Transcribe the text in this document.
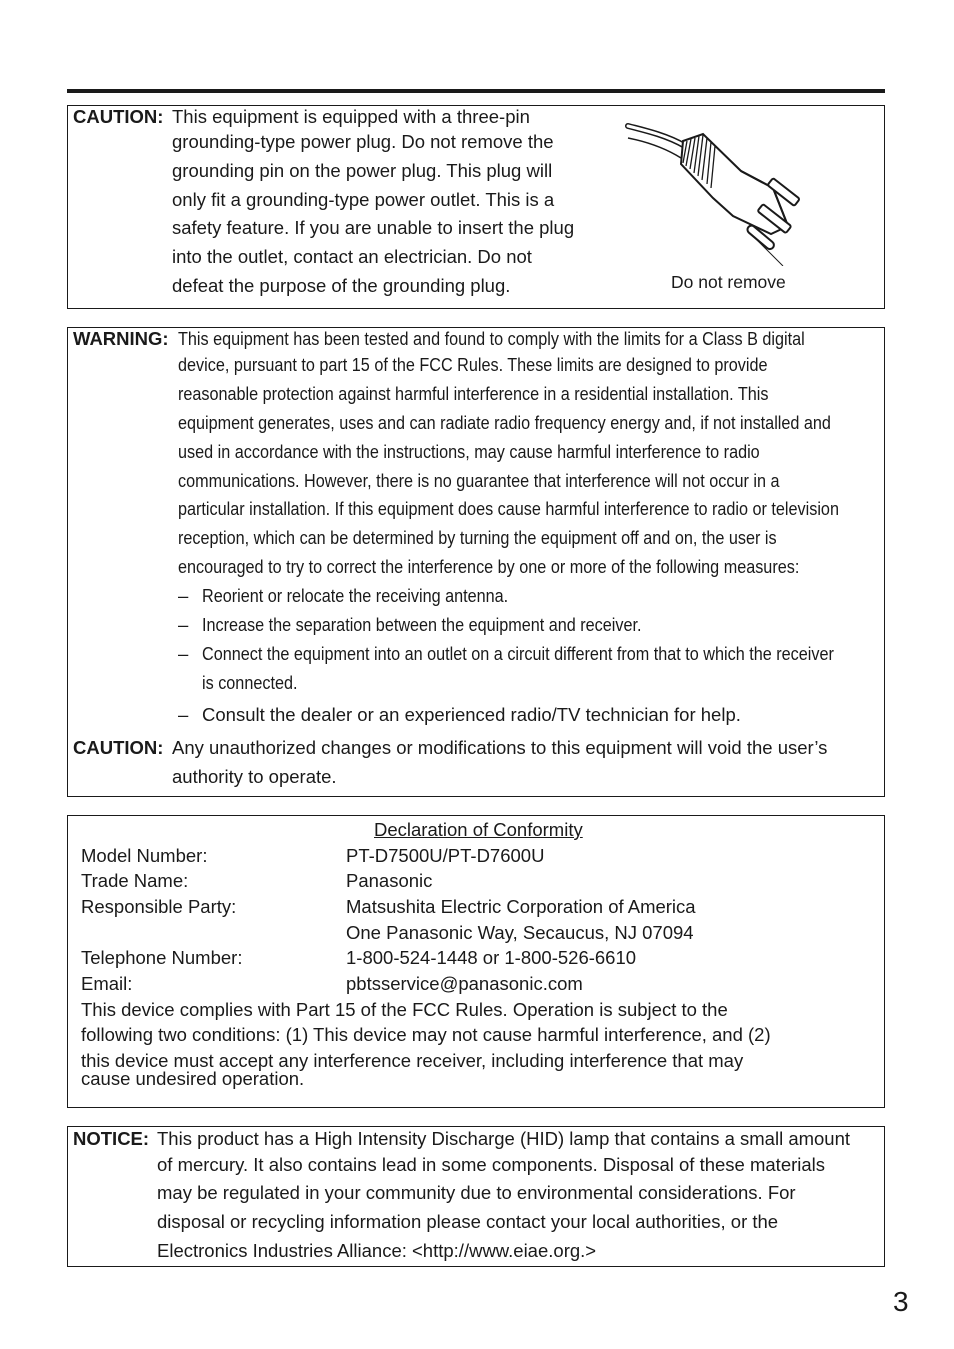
CAUTION: This equipment is equipped with a three-pin
grounding-type power plug. Do not remove the
grounding pin on the power plug. This plug will
only fit a grounding-type power outlet. This is a
safety feature. If you are unable to insert the plug
into the outlet, contact an electrician. Do not
defeat the purpose of the grounding plug.	Do not remove
WARNING: This equipment has been tested and found to comply with the limits for a Class B digital
device, pursuant to part 15 of the FCC Rules. These limits are designed to provide
reasonable protection against harmful interference in a residential installation. This
equipment generates, uses and can radiate radio frequency energy and, if not installed and
used in accordance with the instructions, may cause harmful interference to radio
communications. However, there is no guarantee that interference will not occur in a
particular installation. If this equipment does cause harmful interference to radio or television
reception, which can be determined by turning the equipment off and on, the user is
encouraged to try to correct the interference by one or more of the following measures:
– Reorient or relocate the receiving antenna.
– Increase the separation between the equipment and receiver.
– Connect the equipment into an outlet on a circuit different from that to which the receiver
is connected.
– Consult the dealer or an experienced radio/TV technician for help.
CAUTION: Any unauthorized changes or modifications to this equipment will void the user’s
authority to operate.
Declaration of Conformity
Model Number:	PT-D7500U/PT-D7600U
Trade Name:	Panasonic
Responsible Party:	Matsushita Electric Corporation of America
One Panasonic Way, Secaucus, NJ 07094
Telephone Number:	1-800-524-1448 or 1-800-526-6610
Email:	pbtsservice@panasonic.com
This device complies with Part 15 of the FCC Rules. Operation is subject to the
following two conditions: (1) This device may not cause harmful interference, and (2)
this device must accept any interference receiver, including interference that may
cause undesired operation.
NOTICE: This product has a High Intensity Discharge (HID) lamp that contains a small amount
of mercury. It also contains lead in some components. Disposal of these materials
may be regulated in your community due to environmental considerations. For
disposal or recycling information please contact your local authorities, or the
Electronics Industries Alliance: <http://www.eiae.org.>
3
